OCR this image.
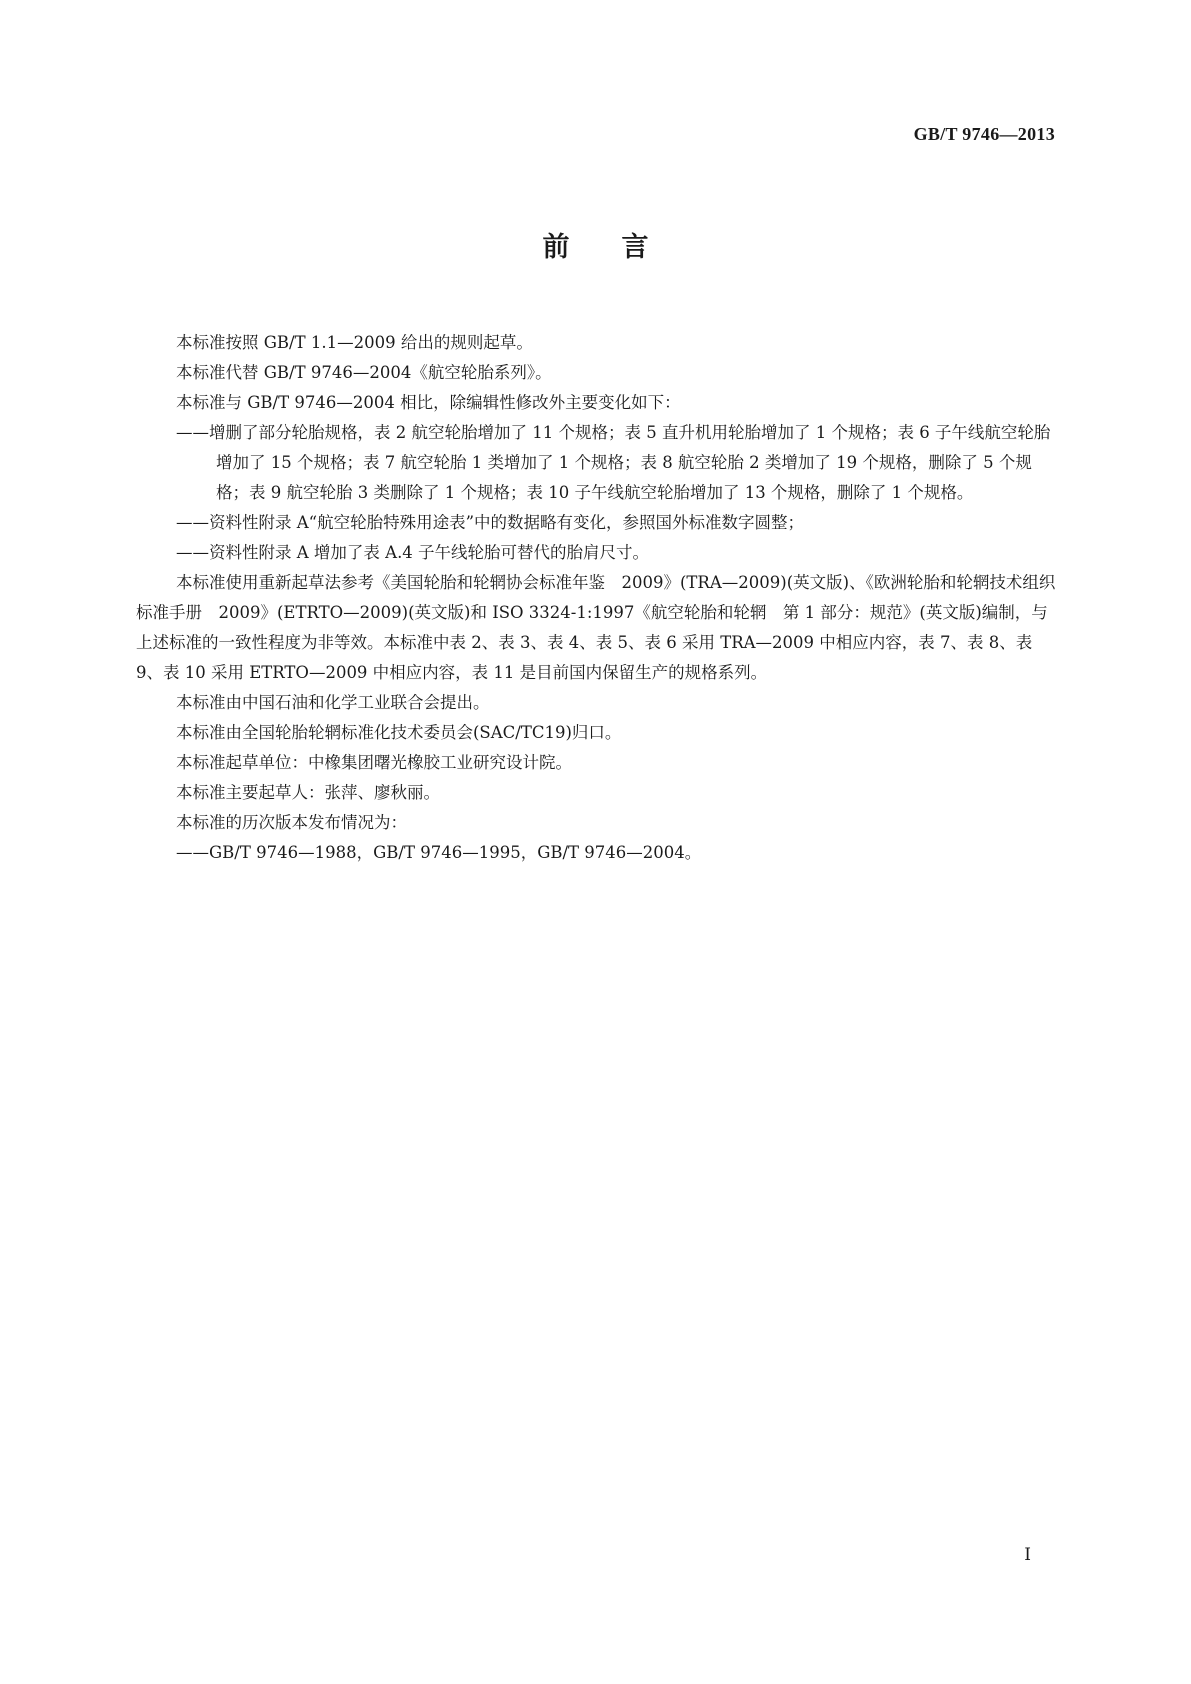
GB/T 9746—2013
前言
本标准按照 GB/T 1.1—2009 给出的规则起草。
本标准代替 GB/T 9746—2004《航空轮胎系列》。
本标准与 GB/T 9746—2004 相比，除编辑性修改外主要变化如下：
——增删了部分轮胎规格，表 2 航空轮胎增加了 11 个规格；表 5 直升机用轮胎增加了 1 个规格；表 6 子午线航空轮胎增加了 15 个规格；表 7 航空轮胎 1 类增加了 1 个规格；表 8 航空轮胎 2 类增加了 19 个规格，删除了 5 个规格；表 9 航空轮胎 3 类删除了 1 个规格；表 10 子午线航空轮胎增加了 13 个规格，删除了 1 个规格。
——资料性附录 A“航空轮胎特殊用途表”中的数据略有变化，参照国外标准数字圆整；
——资料性附录 A 增加了表 A.4 子午线轮胎可替代的胎肩尺寸。
本标准使用重新起草法参考《美国轮胎和轮辋协会标准年鉴　2009》(TRA—2009)(英文版)、《欧洲轮胎和轮辋技术组织标准手册　2009》(ETRTO—2009)(英文版)和 ISO 3324-1:1997《航空轮胎和轮辋　第 1 部分：规范》(英文版)编制，与上述标准的一致性程度为非等效。本标准中表 2、表 3、表 4、表 5、表 6 采用 TRA—2009 中相应内容，表 7、表 8、表 9、表 10 采用 ETRTO—2009 中相应内容，表 11 是目前国内保留生产的规格系列。
本标准由中国石油和化学工业联合会提出。
本标准由全国轮胎轮辋标准化技术委员会(SAC/TC19)归口。
本标准起草单位：中橡集团曙光橡胶工业研究设计院。
本标准主要起草人：张萍、廖秋丽。
本标准的历次版本发布情况为：
——GB/T 9746—1988，GB/T 9746—1995，GB/T 9746—2004。
I
